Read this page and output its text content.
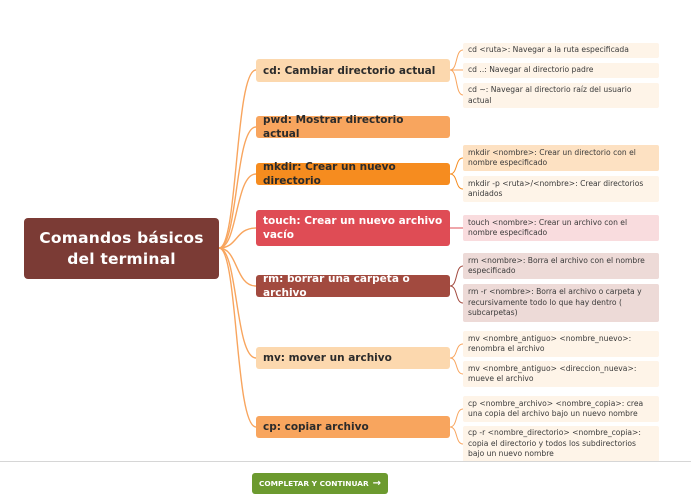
Comandos básicos
del terminal
cd: Cambiar directorio actual
pwd: Mostrar directorio actual
mkdir: Crear un nuevo directorio
touch: Crear un nuevo archivo vacío
rm: borrar una carpeta o archivo
mv: mover un archivo
cp: copiar archivo
cd <ruta>: Navegar a la ruta especificada
cd ..: Navegar al directorio padre
cd ~: Navegar al directorio raíz del usuario actual
mkdir <nombre>: Crear un directorio con el nombre especificado
mkdir -p <ruta>/<nombre>: Crear directorios anidados
touch <nombre>: Crear un archivo con el nombre especificado
rm <nombre>: Borra el archivo con el nombre especificado
rm -r <nombre>: Borra el archivo o carpeta y recursivamente todo lo que hay dentro ( subcarpetas)
mv <nombre_antiguo> <nombre_nuevo>: renombra el archivo
mv <nombre_antiguo> <direccion_nueva>: mueve el archivo
cp <nombre_archivo> <nombre_copia>: crea una copia del archivo bajo un nuevo nombre
cp -r <nombre_directorio> <nombre_copia>: copia el directorio y todos los subdirectorios bajo un nuevo nombre
COMPLETAR Y CONTINUAR →
